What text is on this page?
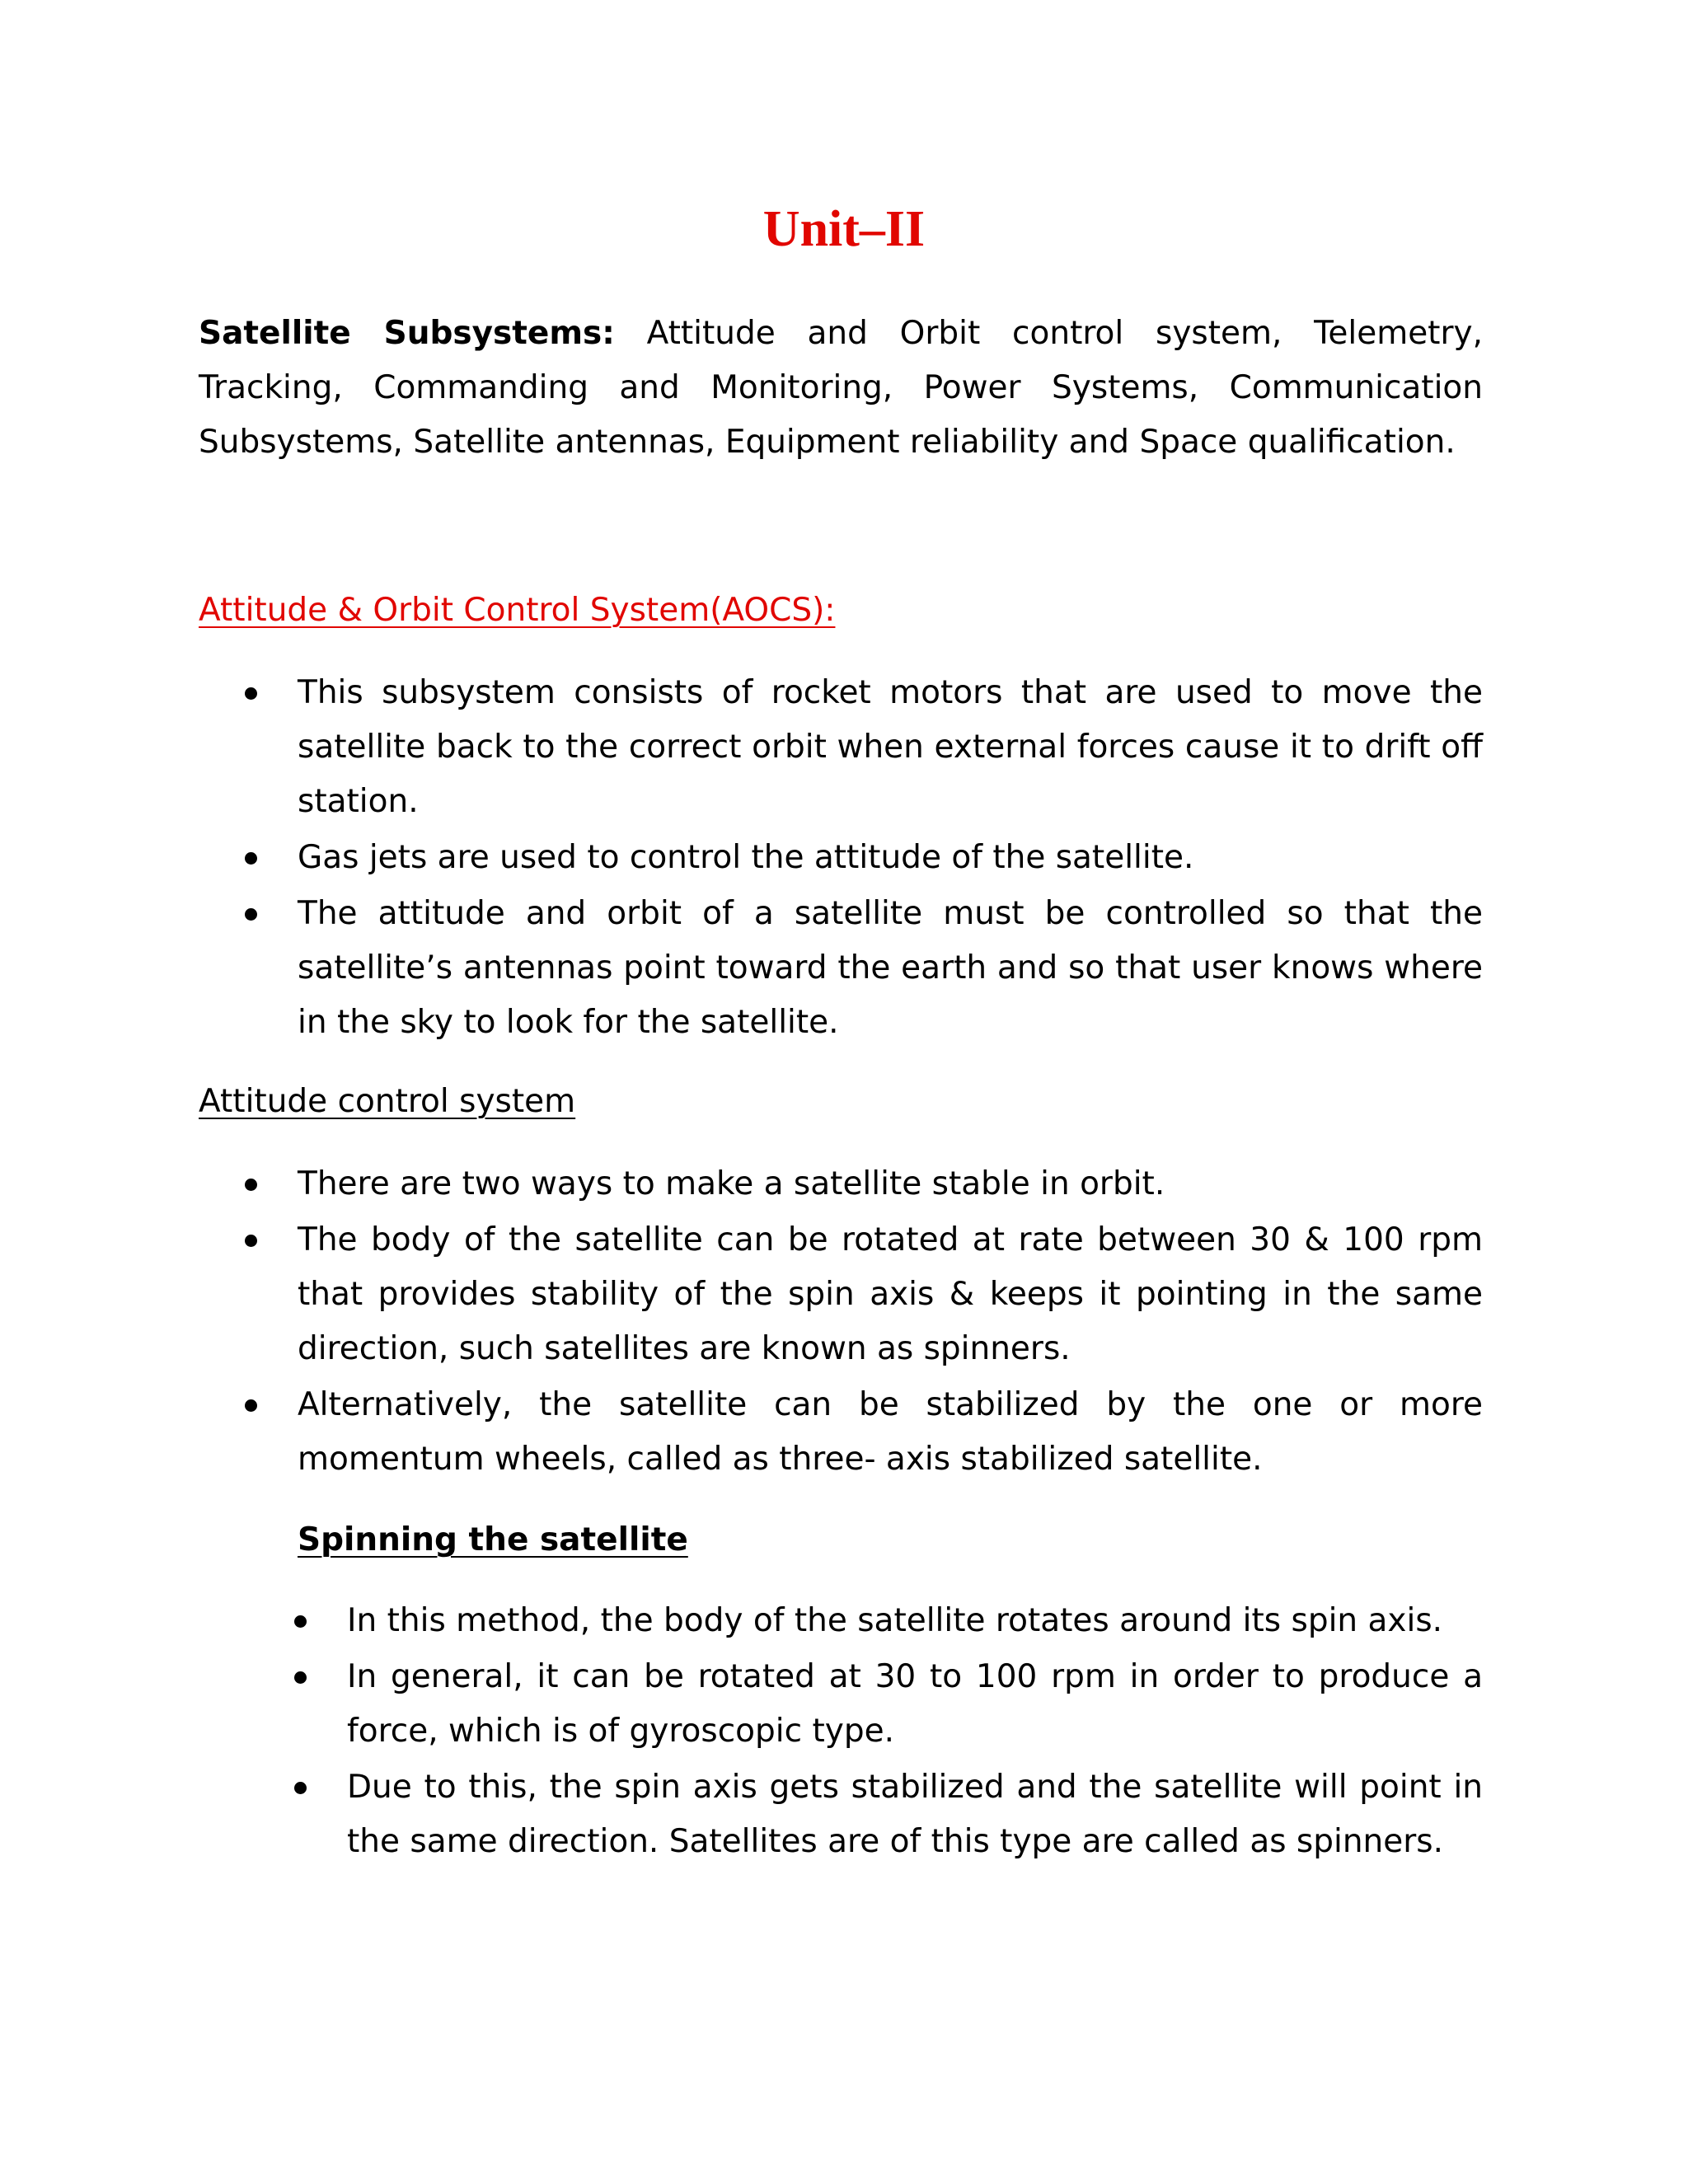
Unit–II

Satellite Subsystems: Attitude and Orbit control system, Telemetry, Tracking, Commanding and Monitoring, Power Systems, Communication Subsystems, Satellite antennas, Equipment reliability and Space qualification.

Attitude & Orbit Control System(AOCS):
This subsystem consists of rocket motors that are used to move the satellite back to the correct orbit when external forces cause it to drift off station.
Gas jets are used to control the attitude of the satellite.
The attitude and orbit of a satellite must be controlled so that the satellite’s antennas point toward the earth and so that user knows where in the sky to look for the satellite.
Attitude control system
There are two ways to make a satellite stable in orbit.
The body of the satellite can be rotated at rate between 30 & 100 rpm that provides stability of the spin axis & keeps it pointing in the same direction, such satellites are known as spinners.
Alternatively, the satellite can be stabilized by the one or more momentum wheels, called as three- axis stabilized satellite.
Spinning the satellite
In this method, the body of the satellite rotates around its spin axis.
In general, it can be rotated at 30 to 100 rpm in order to produce a force, which is of gyroscopic type.
Due to this, the spin axis gets stabilized and the satellite will point in the same direction. Satellites are of this type are called as spinners.
